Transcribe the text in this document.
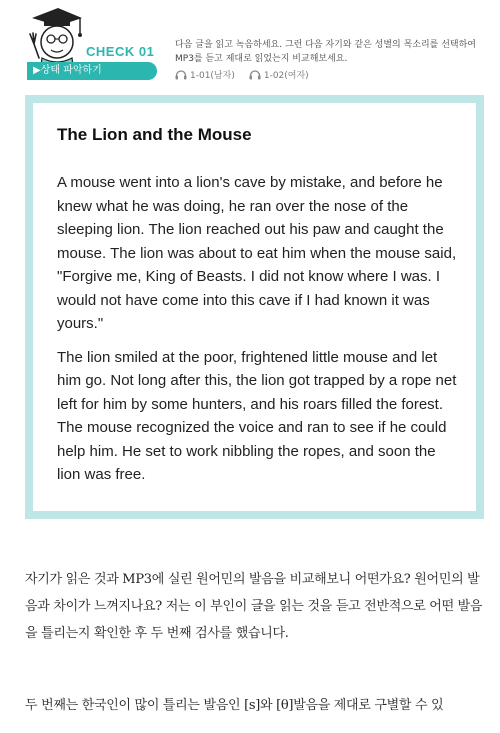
CHECK 01
▶상태 파악하기
다음 글을 읽고 녹음하세요. 그런 다음 자기와 같은 성별의 목소리를 선택하여 MP3를 듣고 제대로 읽었는지 비교해보세요.
1-01(남자)	1-02(여자)
The Lion and the Mouse

A mouse went into a lion's cave by mistake, and before he knew what he was doing, he ran over the nose of the sleeping lion. The lion reached out his paw and caught the mouse. The lion was about to eat him when the mouse said, "Forgive me, King of Beasts. I did not know where I was. I would not have come into this cave if I had known it was yours."

The lion smiled at the poor, frightened little mouse and let him go. Not long after this, the lion got trapped by a rope net left for him by some hunters, and his roars filled the forest. The mouse recognized the voice and ran to see if he could help him. He set to work nibbling the ropes, and soon the lion was free.

자기가 읽은 것과 MP3에 실린 원어민의 발음을 비교해보니 어떤가요? 원어민의 발음과 차이가 느껴지나요? 저는 이 부인이 글을 읽는 것을 듣고 전반적으로 어떤 발음을 틀리는지 확인한 후 두 번째 검사를 했습니다.
두 번째는 한국인이 많이 틀리는 발음인 [s]와 [θ]발음을 제대로 구별할 수 있
